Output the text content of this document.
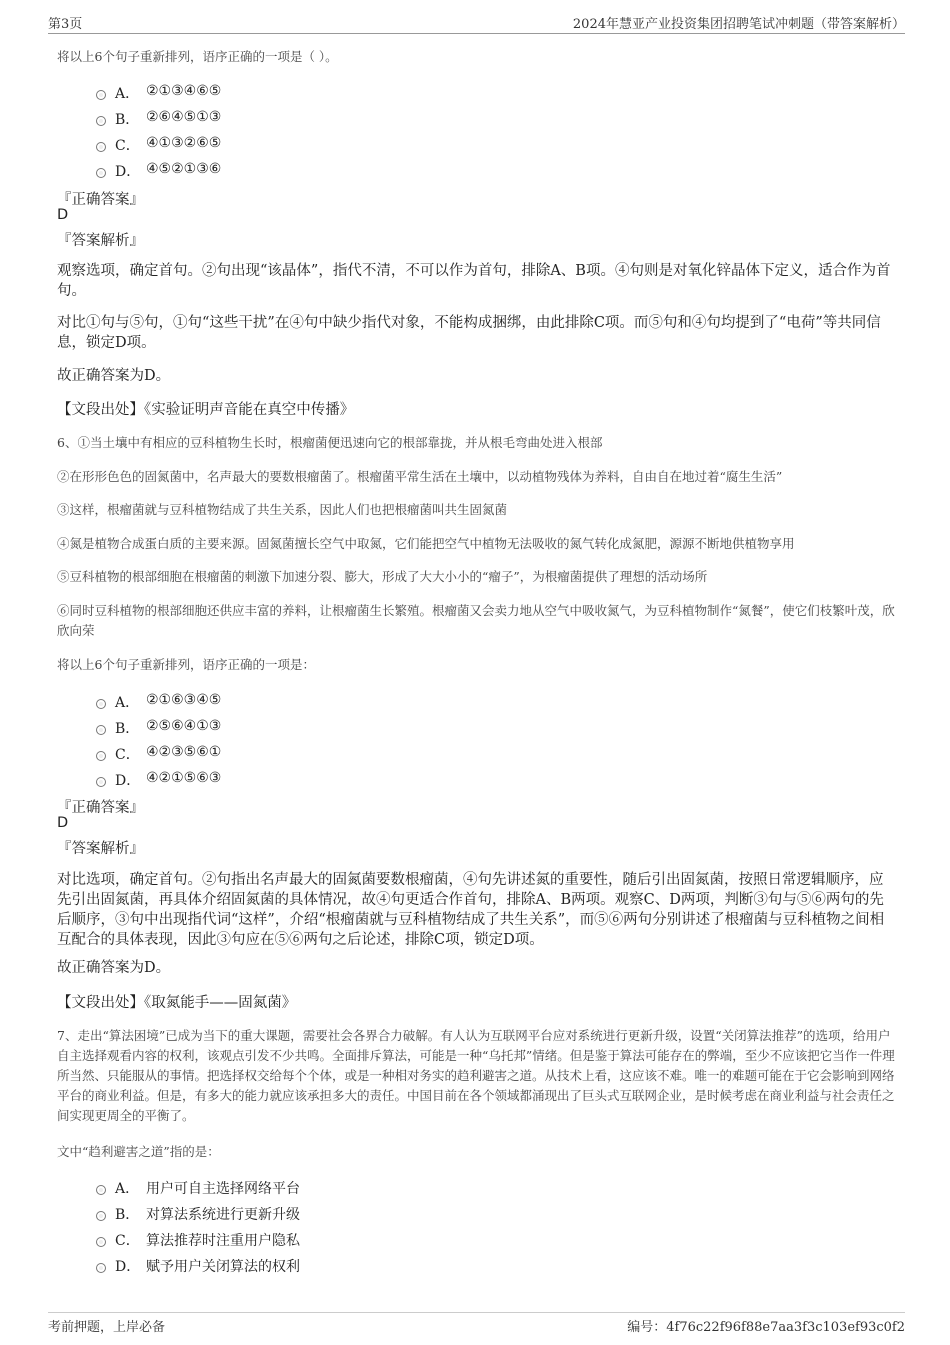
第3页	2024年慧亚产业投资集团招聘笔试冲刺题（带答案解析）
将以上6个句子重新排列，语序正确的一项是（ ）。
A． ②①③④⑥⑤
B． ②⑥④⑤①③
C． ④①③②⑥⑤
D． ④⑤②①③⑥
『正确答案』
D
『答案解析』
观察选项，确定首句。②句出现“该晶体”，指代不清，不可以作为首句，排除A、B项。④句则是对氧化锌晶体下定义，适合作为首句。
对比①句与⑤句，①句“这些干扰”在④句中缺少指代对象，不能构成捆绑，由此排除C项。而⑤句和④句均提到了“电荷”等共同信息，锁定D项。
故正确答案为D。
【文段出处】《实验证明声音能在真空中传播》
6、①当土壤中有相应的豆科植物生长时，根瘤菌便迅速向它的根部靠拢，并从根毛弯曲处进入根部
②在形形色色的固氮菌中，名声最大的要数根瘤菌了。根瘤菌平常生活在土壤中，以动植物残体为养料，自由自在地过着“腐生生活”
③这样，根瘤菌就与豆科植物结成了共生关系，因此人们也把根瘤菌叫共生固氮菌
④氮是植物合成蛋白质的主要来源。固氮菌擅长空气中取氮，它们能把空气中植物无法吸收的氮气转化成氮肥，源源不断地供植物享用
⑤豆科植物的根部细胞在根瘤菌的刺激下加速分裂、膨大，形成了大大小小的“瘤子”，为根瘤菌提供了理想的活动场所
⑥同时豆科植物的根部细胞还供应丰富的养料，让根瘤菌生长繁殖。根瘤菌又会卖力地从空气中吸收氮气，为豆科植物制作“氮餐”，使它们枝繁叶茂，欣欣向荣
将以上6个句子重新排列，语序正确的一项是：
A． ②①⑥③④⑤
B． ②⑤⑥④①③
C． ④②③⑤⑥①
D． ④②①⑤⑥③
『正确答案』
D
『答案解析』
对比选项，确定首句。②句指出名声最大的固氮菌要数根瘤菌，④句先讲述氮的重要性，随后引出固氮菌，按照日常逻辑顺序，应先引出固氮菌，再具体介绍固氮菌的具体情况，故④句更适合作首句，排除A、B两项。观察C、D两项，判断③句与⑤⑥两句的先后顺序，③句中出现指代词“这样”，介绍“根瘤菌就与豆科植物结成了共生关系”，而⑤⑥两句分别讲述了根瘤菌与豆科植物之间相互配合的具体表现，因此③句应在⑤⑥两句之后论述，排除C项，锁定D项。
故正确答案为D。
【文段出处】《取氮能手——固氮菌》
7、走出“算法困境”已成为当下的重大课题，需要社会各界合力破解。有人认为互联网平台应对系统进行更新升级，设置“关闭算法推荐”的选项，给用户自主选择观看内容的权利，该观点引发不少共鸣。全面排斥算法，可能是一种“乌托邦”情绪。但是鉴于算法可能存在的弊端，至少不应该把它当作一件理所当然、只能服从的事情。把选择权交给每个个体，或是一种相对务实的趋利避害之道。从技术上看，这应该不难。唯一的难题可能在于它会影响到网络平台的商业利益。但是，有多大的能力就应该承担多大的责任。中国目前在各个领域都涌现出了巨头式互联网企业，是时候考虑在商业利益与社会责任之间实现更周全的平衡了。
文中“趋利避害之道”指的是：
A． 用户可自主选择网络平台
B． 对算法系统进行更新升级
C． 算法推荐时注重用户隐私
D． 赋予用户关闭算法的权利
考前押题，上岸必备	编号：4f76c22f96f88e7aa3f3c103ef93c0f2
